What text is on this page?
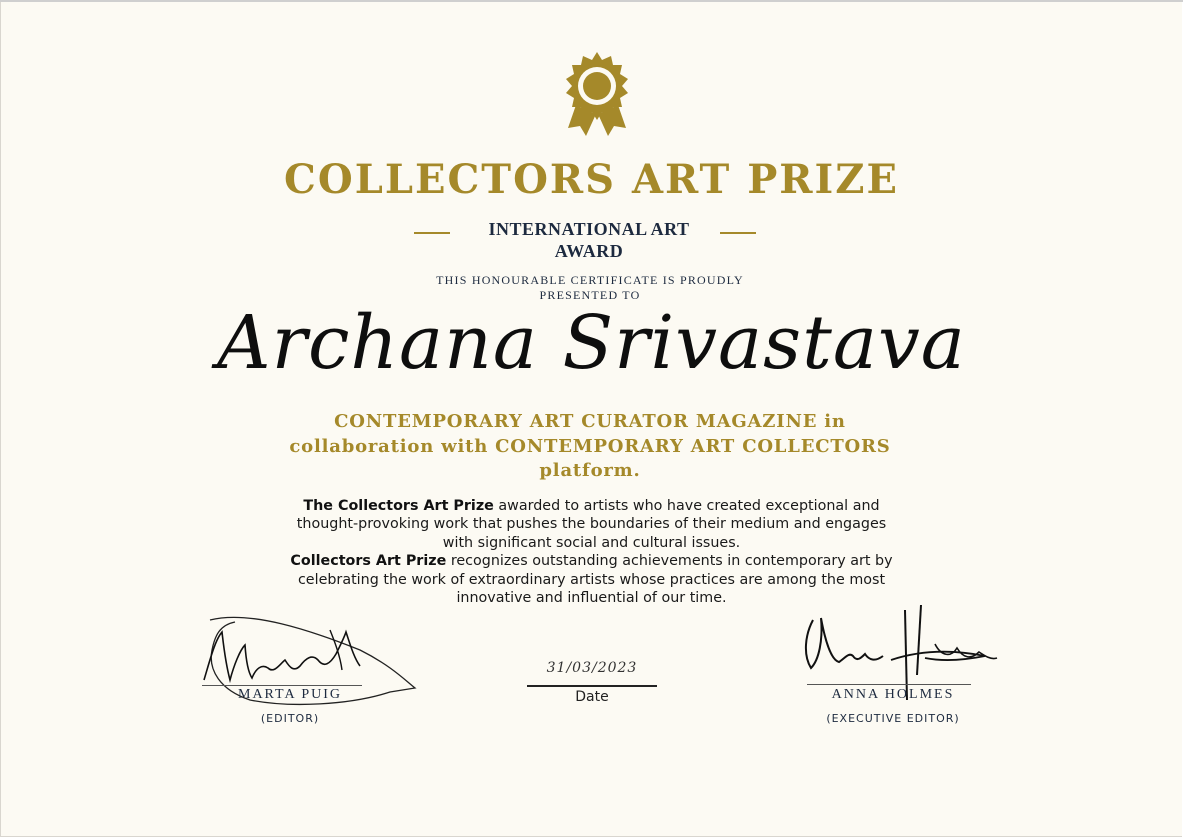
COLLECTORS ART PRIZE
INTERNATIONAL ART AWARD
THIS HONOURABLE CERTIFICATE IS PROUDLY PRESENTED TO
Archana Srivastava
CONTEMPORARY ART CURATOR MAGAZINE in collaboration with CONTEMPORARY ART COLLECTORS platform.
The Collectors Art Prize awarded to artists who have created exceptional and thought-provoking work that pushes the boundaries of their medium and engages with significant social and cultural issues.
Collectors Art Prize recognizes outstanding achievements in contemporary art by celebrating the work of extraordinary artists whose practices are among the most innovative and influential of our time.
MARTA PUIG
(EDITOR)
31/03/2023
Date	ANNA HOLMES
(EXECUTIVE EDITOR)
